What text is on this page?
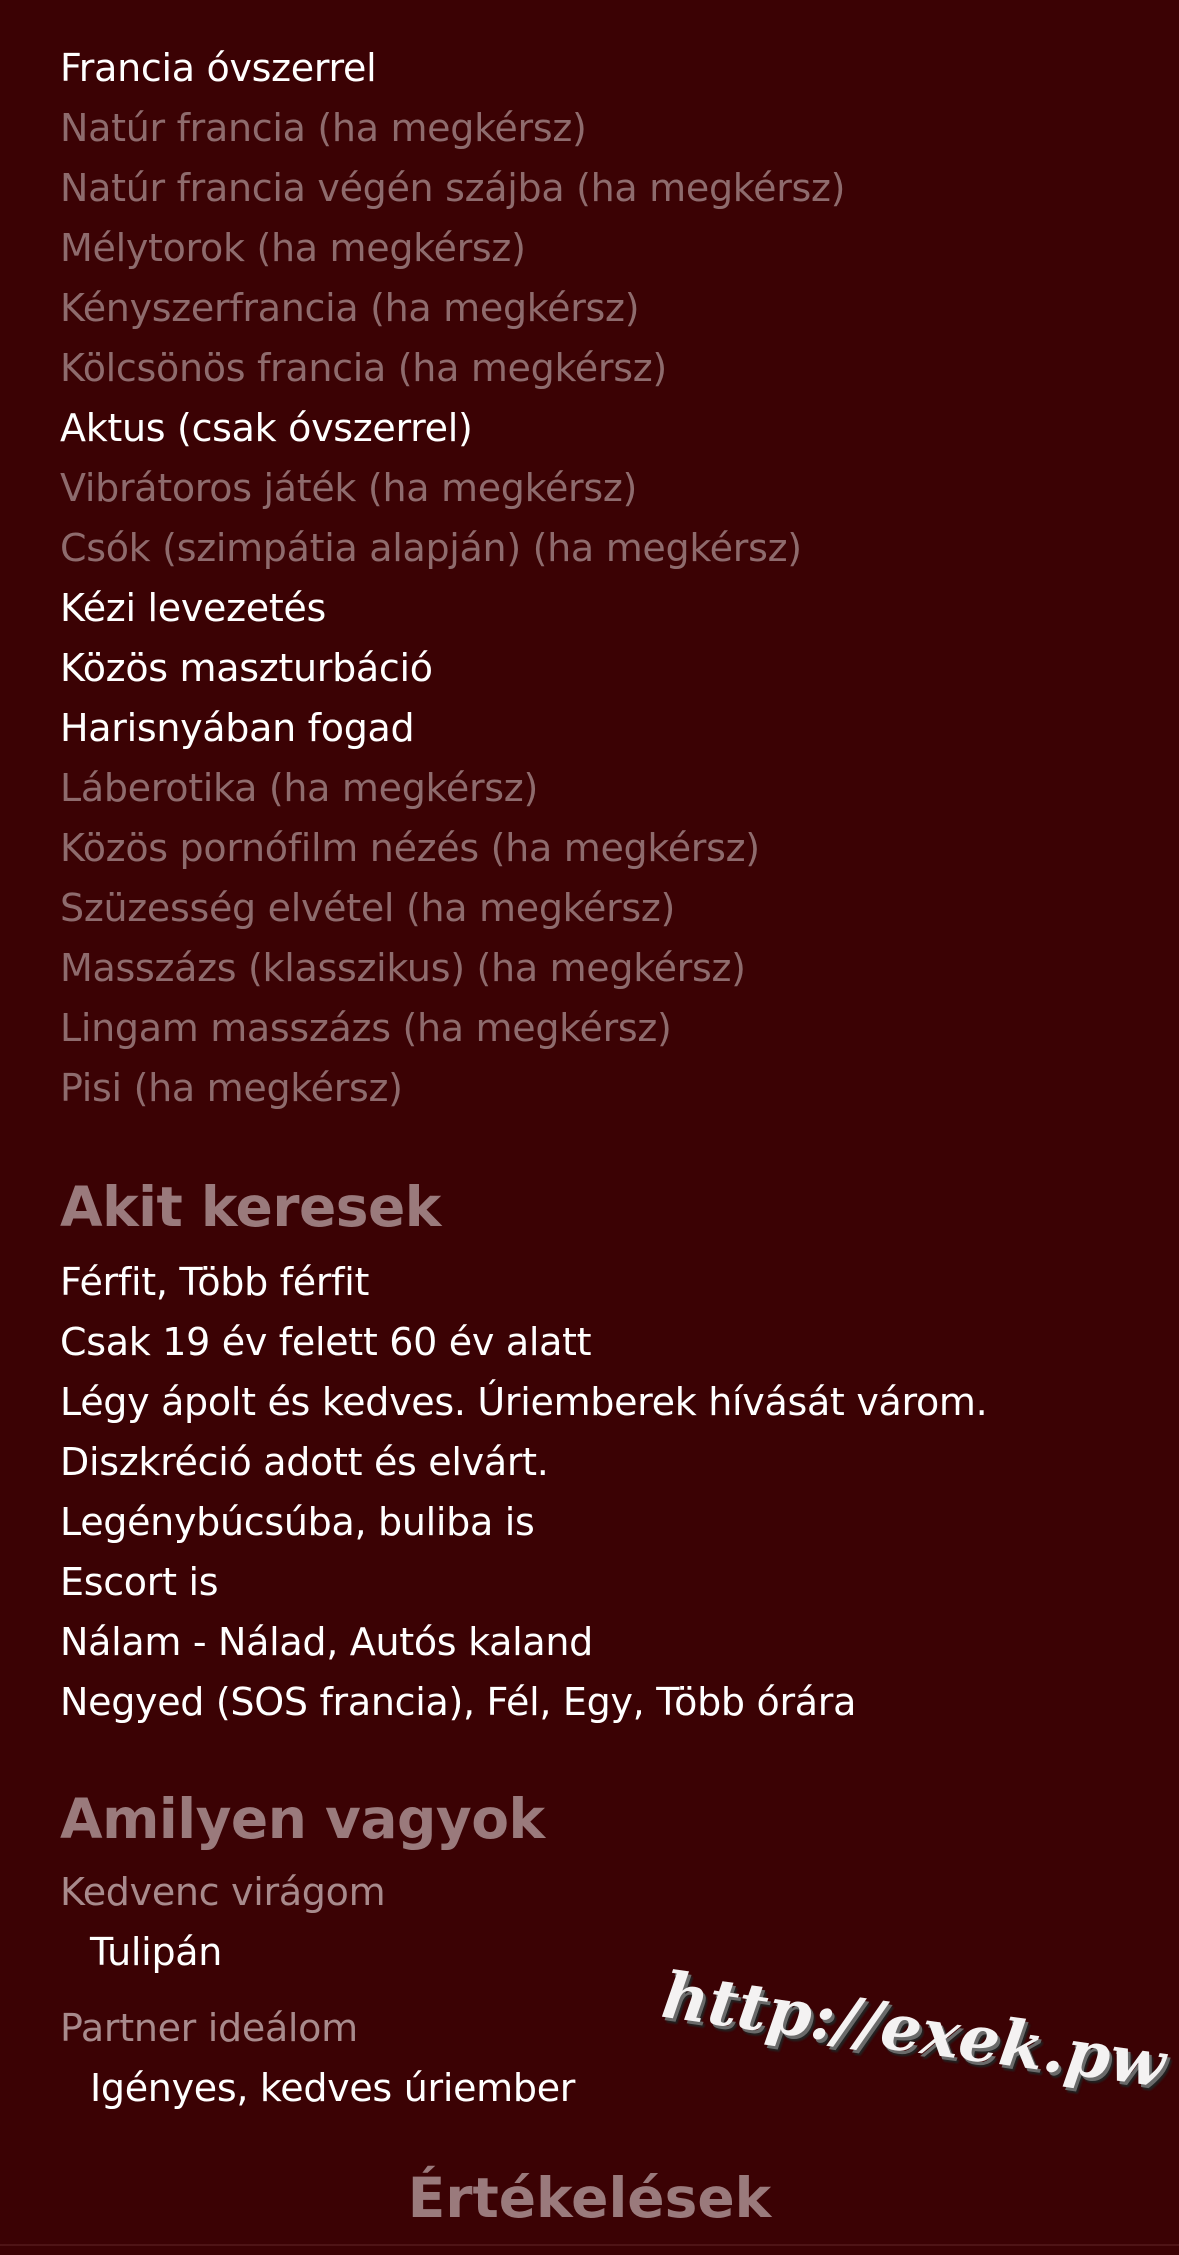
Francia óvszerrel
Natúr francia (ha megkérsz)
Natúr francia végén szájba (ha megkérsz)
Mélytorok (ha megkérsz)
Kényszerfrancia (ha megkérsz)
Kölcsönös francia (ha megkérsz)
Aktus (csak óvszerrel)
Vibrátoros játék (ha megkérsz)
Csók (szimpátia alapján) (ha megkérsz)
Kézi levezetés
Közös maszturbáció
Harisnyában fogad
Láberotika (ha megkérsz)
Közös pornófilm nézés (ha megkérsz)
Szüzesség elvétel (ha megkérsz)
Masszázs (klasszikus) (ha megkérsz)
Lingam masszázs (ha megkérsz)
Pisi (ha megkérsz)
Akit keresek
Férfit, Több férfit
Csak 19 év felett 60 év alatt
Légy ápolt és kedves. Úriemberek hívását várom.
Diszkréció adott és elvárt.
Legénybúcsúba, buliba is
Escort is
Nálam - Nálad, Autós kaland
Negyed (SOS francia), Fél, Egy, Több órára
Amilyen vagyok
Kedvenc virágom
Tulipán
Partner ideálom
Igényes, kedves úriember http://exek.pw
Értékelések
